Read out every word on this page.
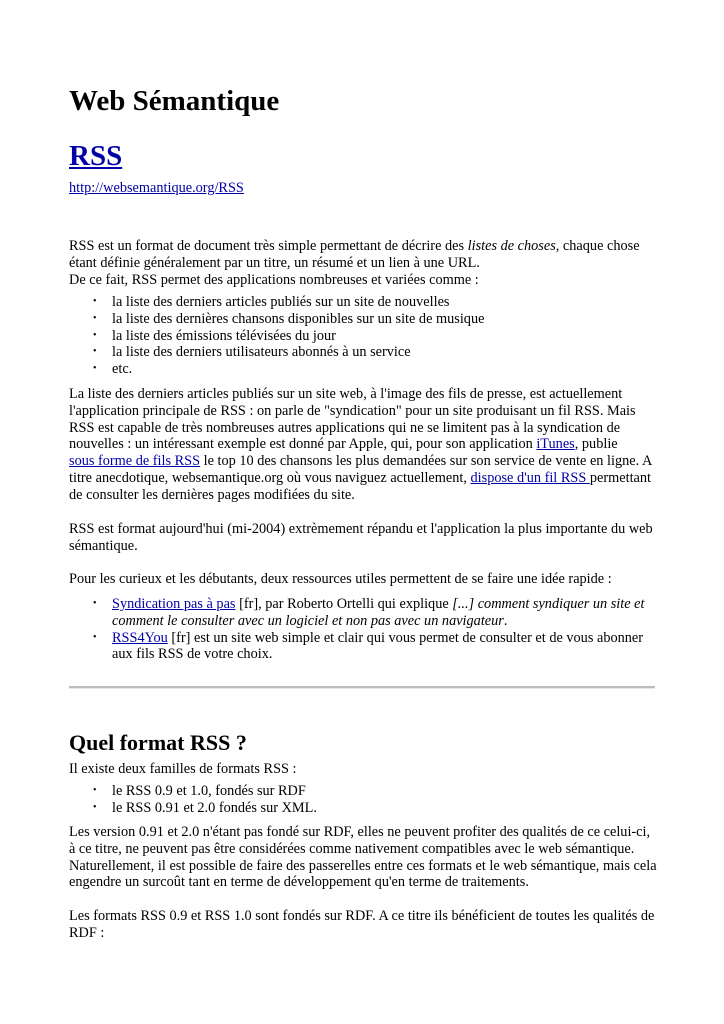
Web Sémantique
RSS
http://websemantique.org/RSS
RSS est un format de document très simple permettant de décrire des listes de choses, chaque chose étant définie généralement par un titre, un résumé et un lien à une URL.
De ce fait, RSS permet des applications nombreuses et variées comme :
• la liste des derniers articles publiés sur un site de nouvelles
• la liste des dernières chansons disponibles sur un site de musique
• la liste des émissions télévisées du jour
• la liste des derniers utilisateurs abonnés à un service
• etc.
La liste des derniers articles publiés sur un site web, à l'image des fils de presse, est actuellement l'application principale de RSS : on parle de "syndication" pour un site produisant un fil RSS. Mais RSS est capable de très nombreuses autres applications qui ne se limitent pas à la syndication de nouvelles : un intéressant exemple est donné par Apple, qui, pour son application iTunes, publie
sous forme de fils RSS le top 10 des chansons les plus demandées sur son service de vente en ligne. A titre anecdotique, websemantique.org où vous naviguez actuellement, dispose d'un fil RSS permettant de consulter les dernières pages modifiées du site.
RSS est format aujourd'hui (mi-2004) extrèmement répandu et l'application la plus importante du web sémantique.
Pour les curieux et les débutants, deux ressources utiles permettent de se faire une idée rapide :
• Syndication pas à pas [fr], par Roberto Ortelli qui explique [...] comment syndiquer un site et comment le consulter avec un logiciel et non pas avec un navigateur.
• RSS4You [fr] est un site web simple et clair qui vous permet de consulter et de vous abonner aux fils RSS de votre choix.
Quel format RSS ?
Il existe deux familles de formats RSS :
• le RSS 0.9 et 1.0, fondés sur RDF
• le RSS 0.91 et 2.0 fondés sur XML.
Les version 0.91 et 2.0 n'étant pas fondé sur RDF, elles ne peuvent profiter des qualités de ce celui-ci, à ce titre, ne peuvent pas être considérées comme nativement compatibles avec le web sémantique. Naturellement, il est possible de faire des passerelles entre ces formats et le web sémantique, mais cela engendre un surcoût tant en terme de développement qu'en terme de traitements.
Les formats RSS 0.9 et RSS 1.0 sont fondés sur RDF. A ce titre ils bénéficient de toutes les qualités de RDF :
